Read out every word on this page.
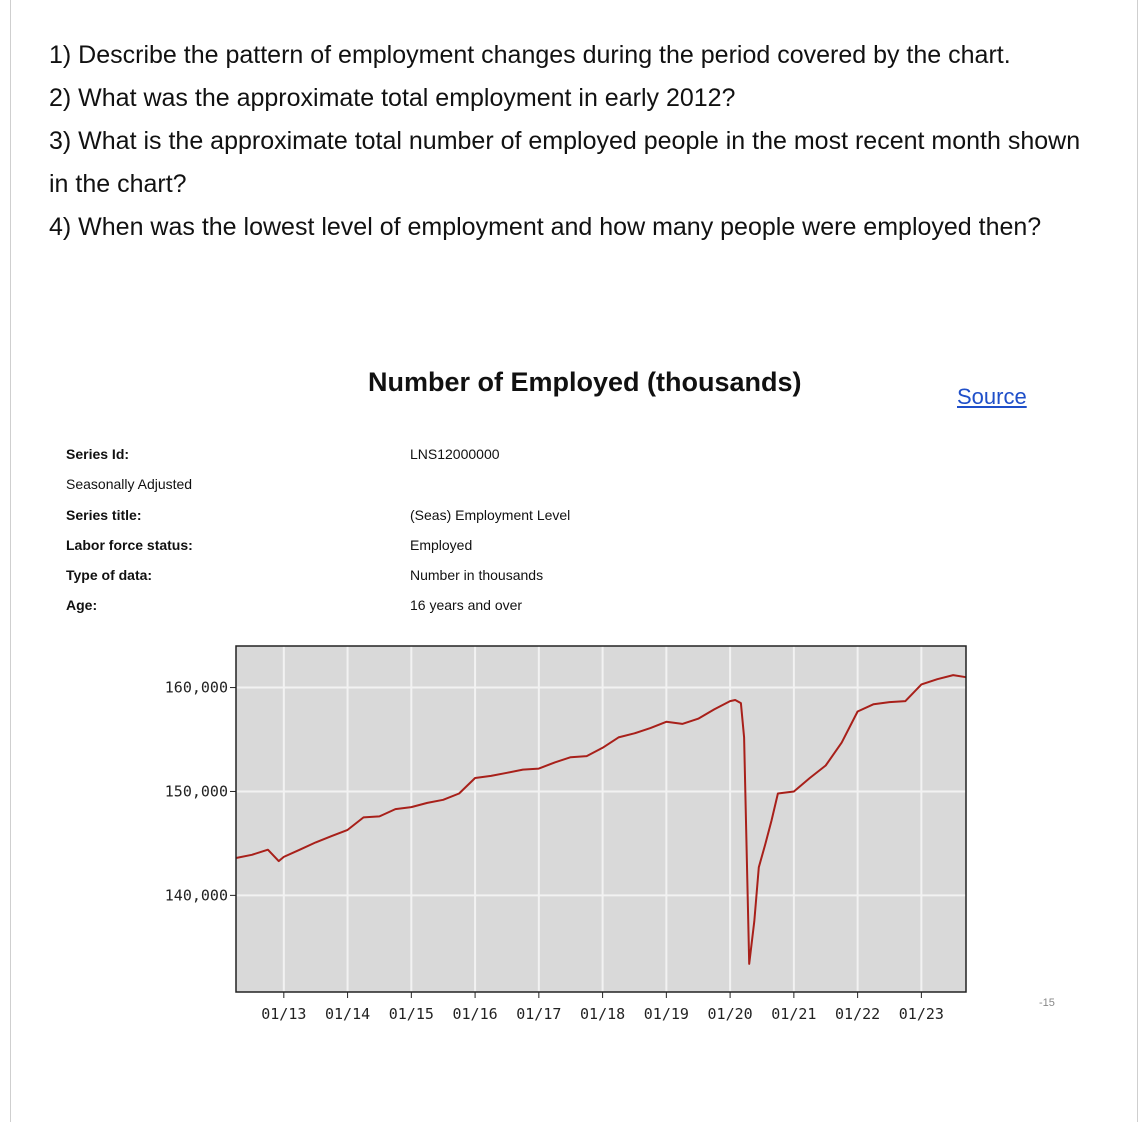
1) Describe the pattern of employment changes during the period covered by the chart.

2) What was the approximate total employment in early 2012?

3) What is the approximate total number of employed people in the most recent month shown in the chart?

4) When was the lowest level of employment and how many people were employed then?

Number of Employed (thousands)	Source
Series Id:	LNS12000000
Seasonally Adjusted
Series title:	(Seas) Employment Level
Labor force status:	Employed
Type of data:	Number in thousands
Age:	16 years and over
01/13 01/14 01/15 01/16 01/17 01/18 01/19 01/20 01/21 01/22 01/23
140,000
150,000
160,000
-15
